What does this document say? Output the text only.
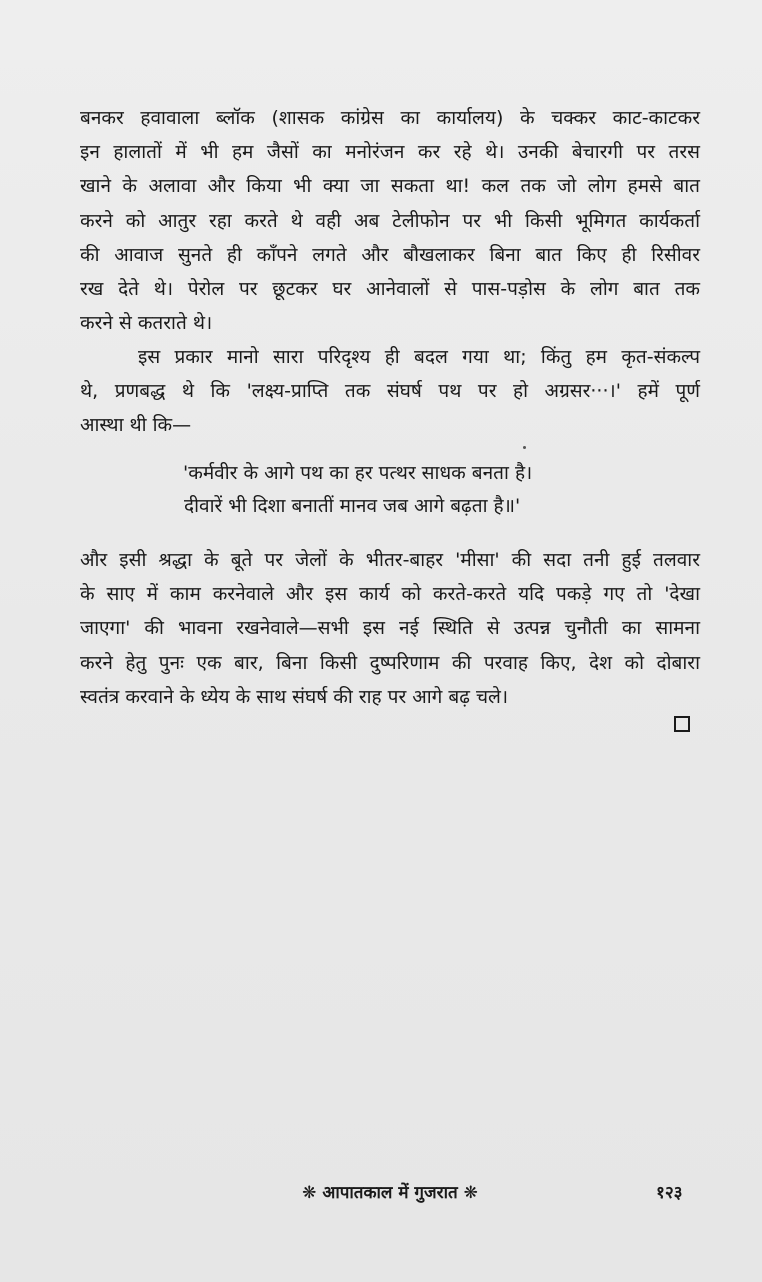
बनकर हवावाला ब्लॉक (शासक कांग्रेस का कार्यालय) के चक्कर काट-काटकर
इन हालातों में भी हम जैसों का मनोरंजन कर रहे थे। उनकी बेचारगी पर तरस
खाने के अलावा और किया भी क्या जा सकता था! कल तक जो लोग हमसे बात
करने को आतुर रहा करते थे वही अब टेलीफोन पर भी किसी भूमिगत कार्यकर्ता
की आवाज सुनते ही काँपने लगते और बौखलाकर बिना बात किए ही रिसीवर
रख देते थे। पेरोल पर छूटकर घर आनेवालों से पास-पड़ोस के लोग बात तक
करने से कतराते थे।
इस प्रकार मानो सारा परिदृश्य ही बदल गया था; किंतु हम कृत-संकल्प
थे, प्रणबद्ध थे कि 'लक्ष्य-प्राप्ति तक संघर्ष पथ पर हो अग्रसर···।' हमें पूर्ण
आस्था थी कि—
'कर्मवीर के आगे पथ का हर पत्थर साधक बनता है।
दीवारें भी दिशा बनातीं मानव जब आगे बढ़ता है॥'
और इसी श्रद्धा के बूते पर जेलों के भीतर-बाहर 'मीसा' की सदा तनी हुई तलवार
के साए में काम करनेवाले और इस कार्य को करते-करते यदि पकड़े गए तो 'देखा
जाएगा' की भावना रखनेवाले—सभी इस नई स्थिति से उत्पन्न चुनौती का सामना
करने हेतु पुनः एक बार, बिना किसी दुष्परिणाम की परवाह किए, देश को दोबारा
स्वतंत्र करवाने के ध्येय के साथ संघर्ष की राह पर आगे बढ़ चले।
❋ आपातकाल में गुजरात ❋	१२३
